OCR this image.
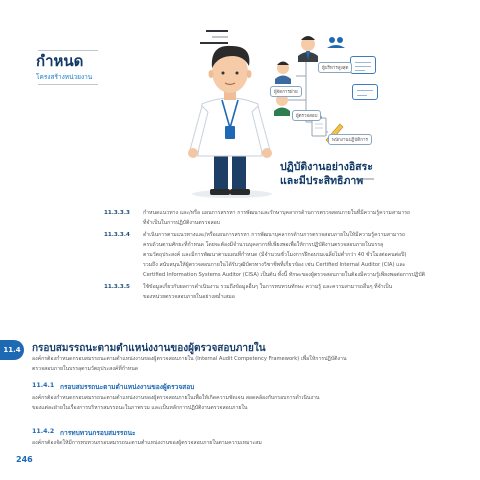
กำหนด
โครงสร้างหน่วยงาน
ผู้บริหารสูงสุด
ผู้จัดการฝ่าย
ผู้ตรวจสอบ
พนักงานปฏิบัติการ
ปฏิบัติงานอย่างอิสระ
และมีประสิทธิภาพ
11.3.3.3	กำหนดแนวทาง และ/หรือ แผนการสรรหา การพัฒนาและรักษาบุคลากรด้านการตรวจสอบภายในที่มีความรู้ความสามารถ
ที่จำเป็นในการปฏิบัติงานตรวจสอบ
11.3.3.4	ดำเนินการตามแนวทางและ/หรือแผนการสรรหา การพัฒนาบุคลากรด้านการตรวจสอบภายในให้มีความรู้ความสามารถ
ครบถ้วนตามศักยะที่กำหนด โดยจะต้องมีจำนวนบุคลากรที่เพียงพอเพื่อให้การปฏิบัติงานตรวจสอบภายในบรรลุ
ตามวัตถุประสงค์ และมีการพัฒนาตามแผนที่กำหนด (มีจำนวนชั่วโมงการฝึกอบรมเฉลี่ยไม่ต่ำกว่า 40 ชั่วโมงต่อคนต่อปี)
รวมถึง สนับสนุนให้ผู้ตรวจสอบภายในได้รับวุฒิบัตรทางวิชาชีพที่เกี่ยวข้อง เช่น Certified Internal Auditor (CIA) และ
Certified Information Systems Auditor (CISA) เป็นต้น ทั้งนี้ ทักษะของผู้ตรวจสอบภายในต้องมีความรู้เพียงพอต่อการปฏิบัติ
11.3.3.5	ใช้ข้อมูลเกี่ยวกับผลการดำเนินงาน รวมถึงข้อมูลอื่นๆ ในการทบทวนทักษะ ความรู้ และความสามารถอื่นๆ ที่จำเป็น
ของหน่วยตรวจสอบภายในอย่างสม่ำเสมอ
11.4	กรอบสมรรถนะตามตำแหน่งงานของผู้ตรวจสอบภายใน
องค์กรต้องกำหนดกรอบสมรรถนะตามตำแหน่งงานของผู้ตรวจสอบภายใน (Internal Audit Competency Framework) เพื่อให้การปฏิบัติงาน
ตรวจสอบภายในบรรลุตามวัตถุประสงค์ที่กำหนด
11.4.1 กรอบสมรรถนะตามตำแหน่งงานของผู้ตรวจสอบ
องค์กรต้องกำหนดกรอบสมรรถนะตามตำแหน่งงานของผู้ตรวจสอบภายในเพื่อให้เกิดความชัดเจน สอดคล้องกับกรอบการดำเนินงาน
ของแต่ละฝ่ายในเรื่องการบริหารสมรรถนะในภาพรวม และเป็นหลักการปฏิบัติงานตรวจสอบภายใน
11.4.2 การทบทวนกรอบสมรรถนะ
องค์กรต้องจัดให้มีการทบทวนกรอบสมรรถนะตามตำแหน่งงานของผู้ตรวจสอบภายในตามความเหมาะสม
246
